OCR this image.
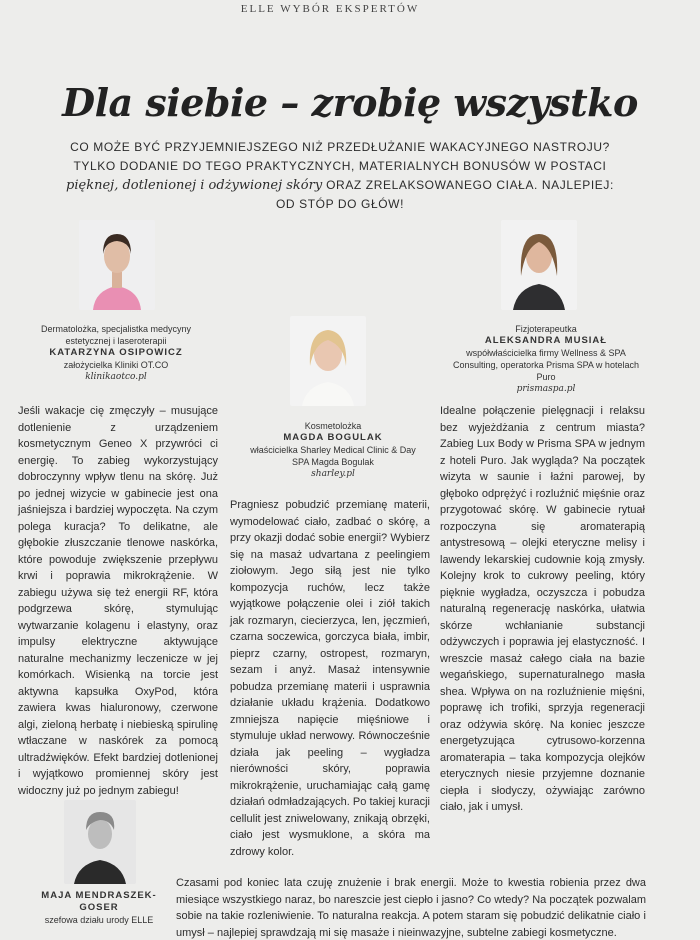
ELLE WYBÓR EKSPERTÓW
Dla siebie – zrobię wszystko

CO MOŻE BYĆ PRZYJEMNIEJSZEGO NIŻ PRZEDŁUŻANIE WAKACYJNEGO NASTROJU? TYLKO DODANIE DO TEGO PRAKTYCZNYCH, MATERIALNYCH BONUSÓW W POSTACI pięknej, dotlenionej i odżywionej skóry ORAZ ZRELAKSOWANEGO CIAŁA. NAJLEPIEJ: OD STÓP DO GŁÓW!

Dermatolożka, specjalistka medycyny estetycznej i laseroterapii
KATARZYNA OSIPOWICZ
założycielka Kliniki OT.CO
klinikaotco.pl
Kosmetolożka
MAGDA BOGULAK
właścicielka Sharley Medical Clinic & Day SPA Magda Bogulak
sharley.pl
Fizjoterapeutka
ALEKSANDRA MUSIAŁ
współwłaścicielka firmy Wellness & SPA Consulting, operatorka Prisma SPA w hotelach Puro
prismaspa.pl
MAJA MENDRASZEK-GOSER
szefowa działu urody ELLE

Jeśli wakacje cię zmęczyły – musujące dotlenienie z urządzeniem kosmetycznym Geneo X przywróci ci energię. To zabieg wykorzystujący dobroczynny wpływ tlenu na skórę. Już po jednej wizycie w gabinecie jest ona jaśniejsza i bardziej wypoczęta. Na czym polega kuracja? To delikatne, ale głębokie złuszczanie tlenowe naskórka, które powoduje zwiększenie przepływu krwi i poprawia mikrokrążenie. W zabiegu używa się też energii RF, która podgrzewa skórę, stymulując wytwarzanie kolagenu i elastyny, oraz impulsy elektryczne aktywujące naturalne mechanizmy leczenicze w jej komórkach. Wisienką na torcie jest aktywna kapsułka OxyPod, która zawiera kwas hialuronowy, czerwone algi, zieloną herbatę i niebieską spirulinę wtłaczane w naskórek za pomocą ultradźwięków. Efekt bardziej dotlenionej i wyjątkowo promiennej skóry jest widoczny już po jednym zabiegu!

Pragniesz pobudzić przemianę materii, wymodelować ciało, zadbać o skórę, a przy okazji dodać sobie energii? Wybierz się na masaż udvartana z peelingiem ziołowym. Jego siłą jest nie tylko kompozycja ruchów, lecz także wyjątkowe połączenie olei i ziół takich jak rozmaryn, ciecierzyca, len, jęczmień, czarna soczewica, gorczyca biała, imbir, pieprz czarny, ostropest, rozmaryn, sezam i anyż. Masaż intensywnie pobudza przemianę materii i usprawnia działanie układu krążenia. Dodatkowo zmniejsza napięcie mięśniowe i stymuluje układ nerwowy. Równocześnie działa jak peeling – wygładza nierówności skóry, poprawia mikrokrążenie, uruchamiając całą gamę działań odmładzających. Po takiej kuracji cellulit jest zniwelowany, znikają obrzęki, ciało jest wysmuklone, a skóra ma zdrowy kolor.

Idealne połączenie pielęgnacji i relaksu bez wyjeżdżania z centrum miasta? Zabieg Lux Body w Prisma SPA w jednym z hoteli Puro. Jak wygląda? Na początek wizyta w saunie i łaźni parowej, by głęboko odprężyć i rozluźnić mięśnie oraz przygotować skórę. W gabinecie rytuał rozpoczyna się aromaterapią antystresową – olejki eteryczne melisy i lawendy lekarskiej cudownie koją zmysły. Kolejny krok to cukrowy peeling, który pięknie wygładza, oczyszcza i pobudza naturalną regenerację naskórka, ułatwia skórze wchłanianie substancji odżywczych i poprawia jej elastyczność. I wreszcie masaż całego ciała na bazie wegańskiego, supernaturalnego masła shea. Wpływa on na rozluźnienie mięśni, poprawę ich trofiki, sprzyja regeneracji oraz odżywia skórę. Na koniec jeszcze energetyzująca cytrusowo-korzenna aromaterapia – taka kompozycja olejków eterycznych niesie przyjemne doznanie ciepła i słodyczy, ożywiając zarówno ciało, jak i umysł.

Czasami pod koniec lata czuję znużenie i brak energii. Może to kwestia robienia przez dwa miesiące wszystkiego naraz, bo nareszcie jest ciepło i jasno? Co wtedy? Na początek pozwalam sobie na takie rozleniwienie. To naturalna reakcja. A potem staram się pobudzić delikatnie ciało i umysł – najlepiej sprawdzają mi się masaże i nieinwazyjne, subtelne zabiegi kosmetyczne.
